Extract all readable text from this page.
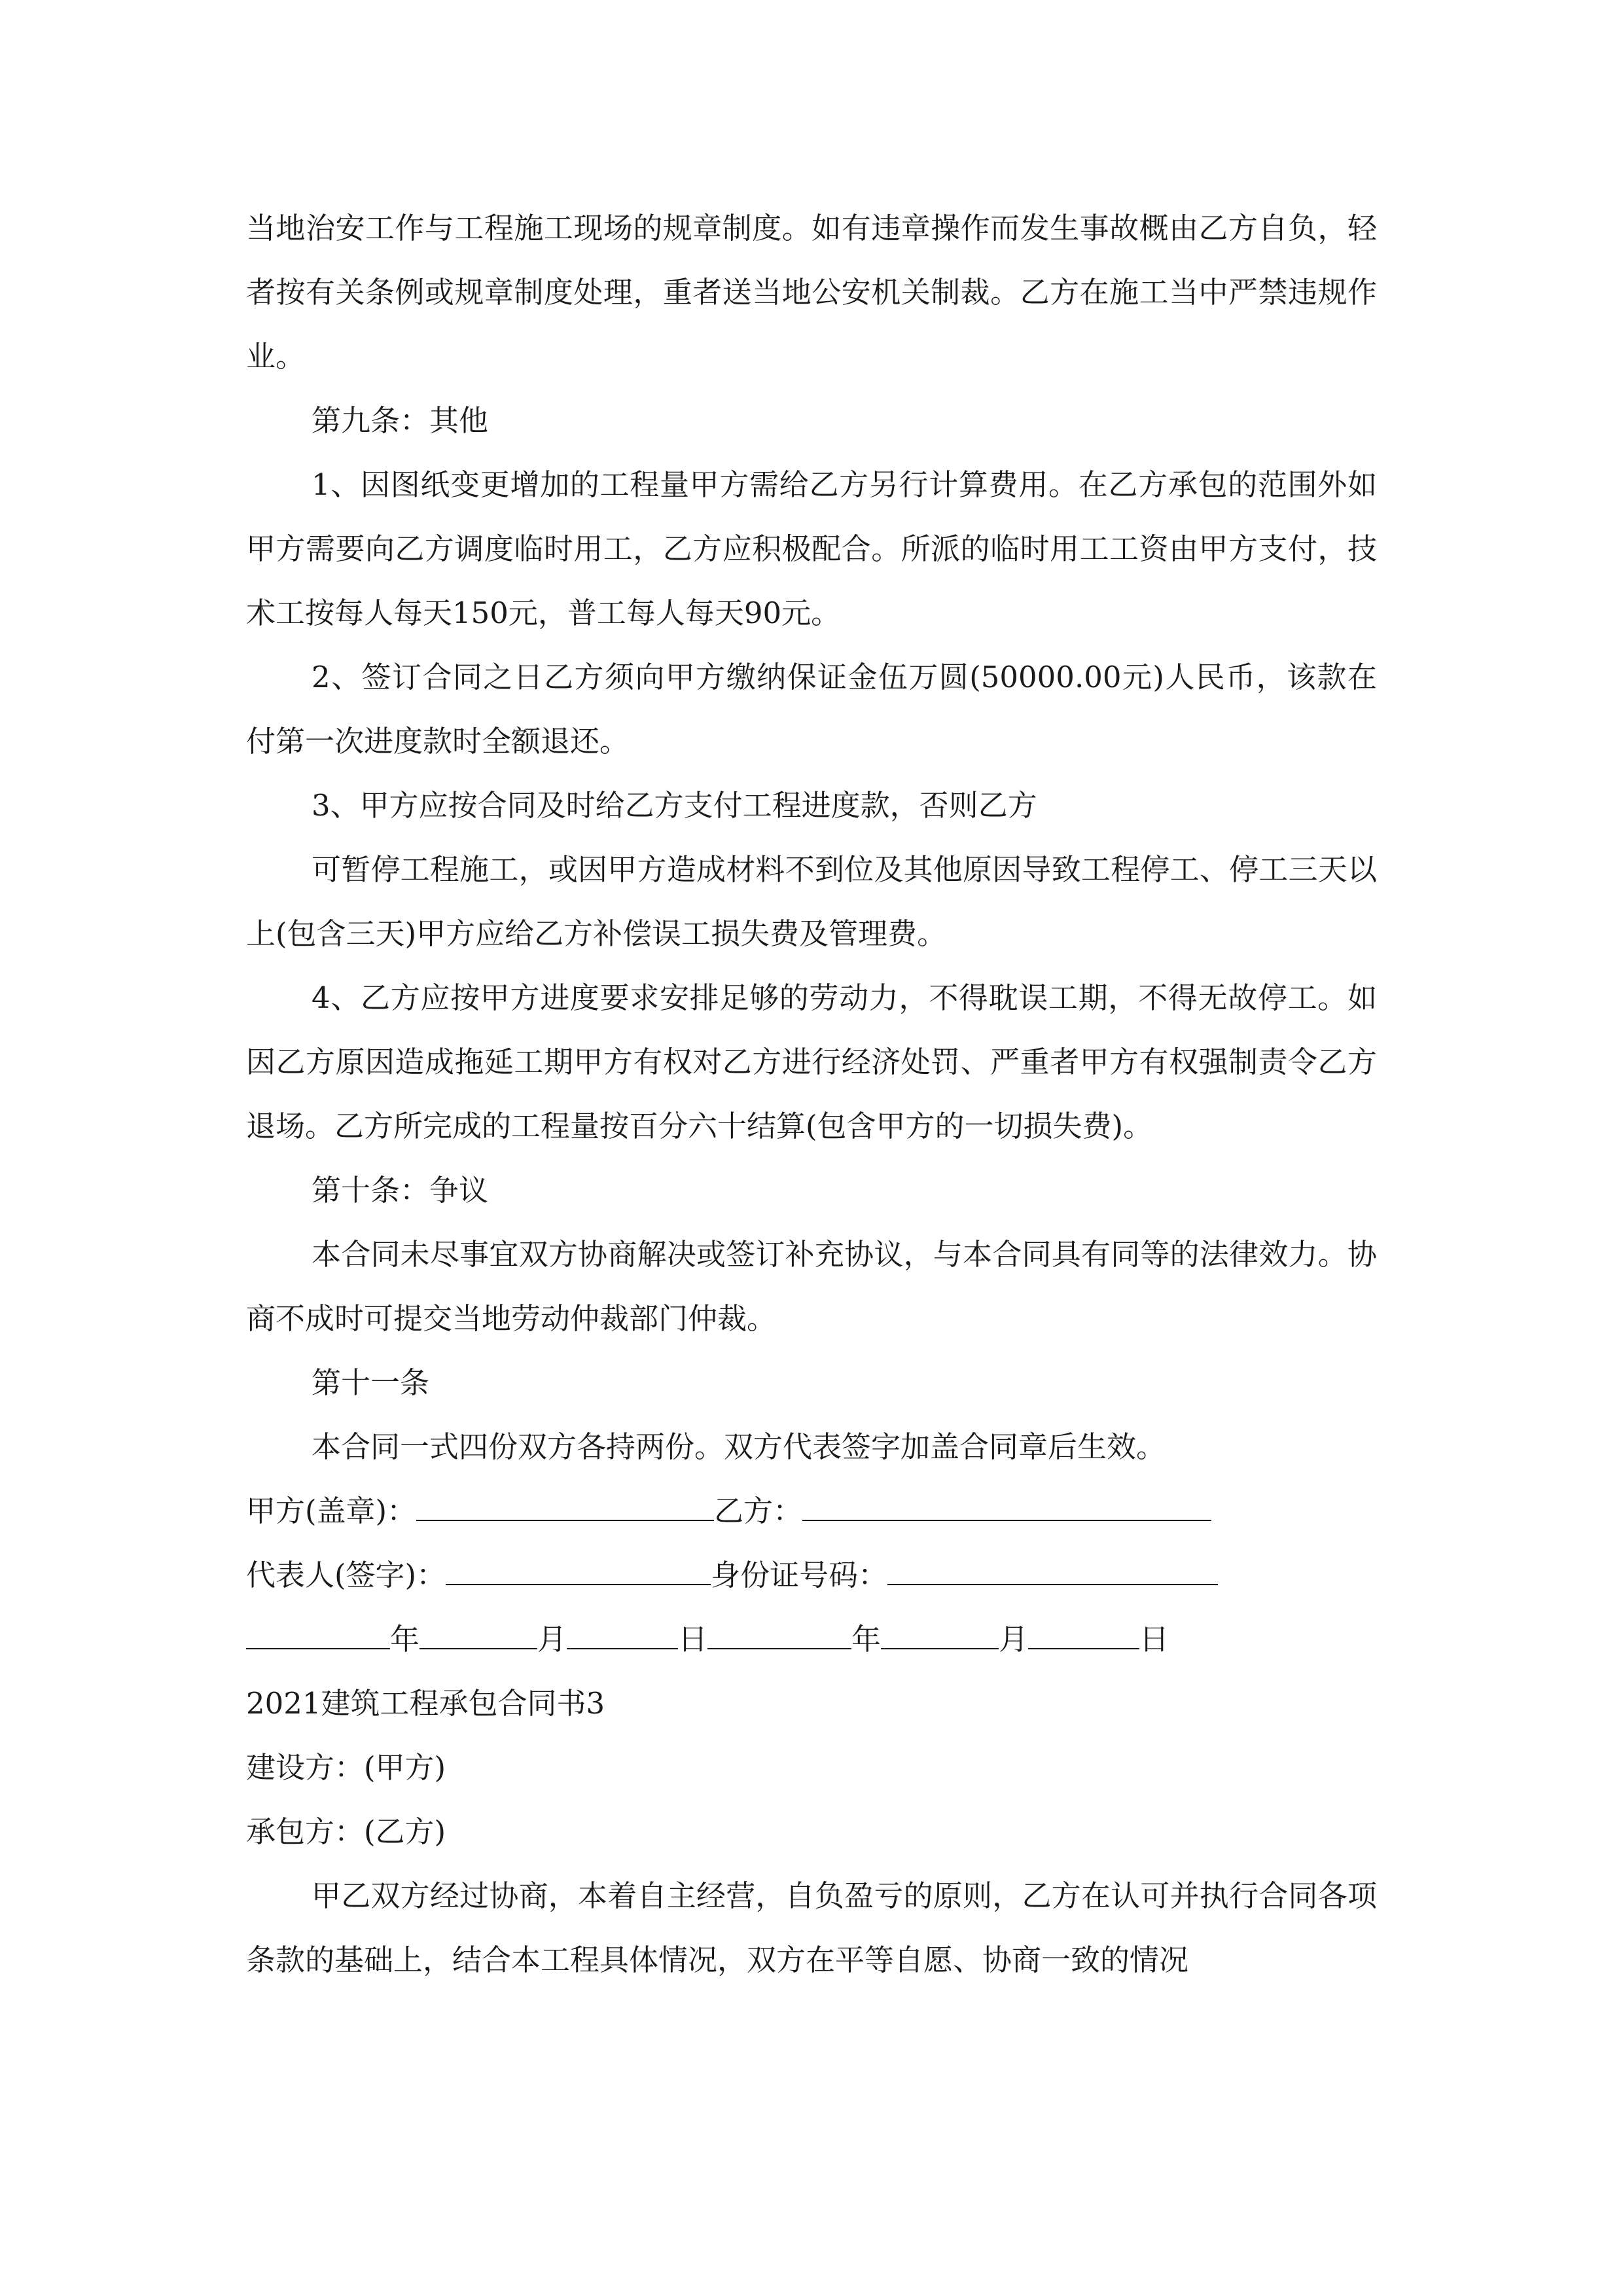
当地治安工作与工程施工现场的规章制度。如有违章操作而发生事故概由乙方自负，轻者按有关条例或规章制度处理，重者送当地公安机关制裁。乙方在施工当中严禁违规作业。

第九条：其他

1、因图纸变更增加的工程量甲方需给乙方另行计算费用。在乙方承包的范围外如甲方需要向乙方调度临时用工，乙方应积极配合。所派的临时用工工资由甲方支付，技术工按每人每天150元，普工每人每天90元。

2、签订合同之日乙方须向甲方缴纳保证金伍万圆(50000.00元)人民币，该款在付第一次进度款时全额退还。

3、甲方应按合同及时给乙方支付工程进度款，否则乙方

可暂停工程施工，或因甲方造成材料不到位及其他原因导致工程停工、停工三天以上(包含三天)甲方应给乙方补偿误工损失费及管理费。

4、乙方应按甲方进度要求安排足够的劳动力，不得耽误工期，不得无故停工。如因乙方原因造成拖延工期甲方有权对乙方进行经济处罚、严重者甲方有权强制责令乙方退场。乙方所完成的工程量按百分六十结算(包含甲方的一切损失费)。

第十条：争议

本合同未尽事宜双方协商解决或签订补充协议，与本合同具有同等的法律效力。协商不成时可提交当地劳动仲裁部门仲裁。

第十一条

本合同一式四份双方各持两份。双方代表签字加盖合同章后生效。

甲方(盖章)：	乙方：

代表人(签字)：	身份证号码：

年	月	日	年	月	日

2021建筑工程承包合同书3

建设方：(甲方)

承包方：(乙方)

甲乙双方经过协商，本着自主经营，自负盈亏的原则，乙方在认可并执行合同各项条款的基础上，结合本工程具体情况，双方在平等自愿、协商一致的情况
